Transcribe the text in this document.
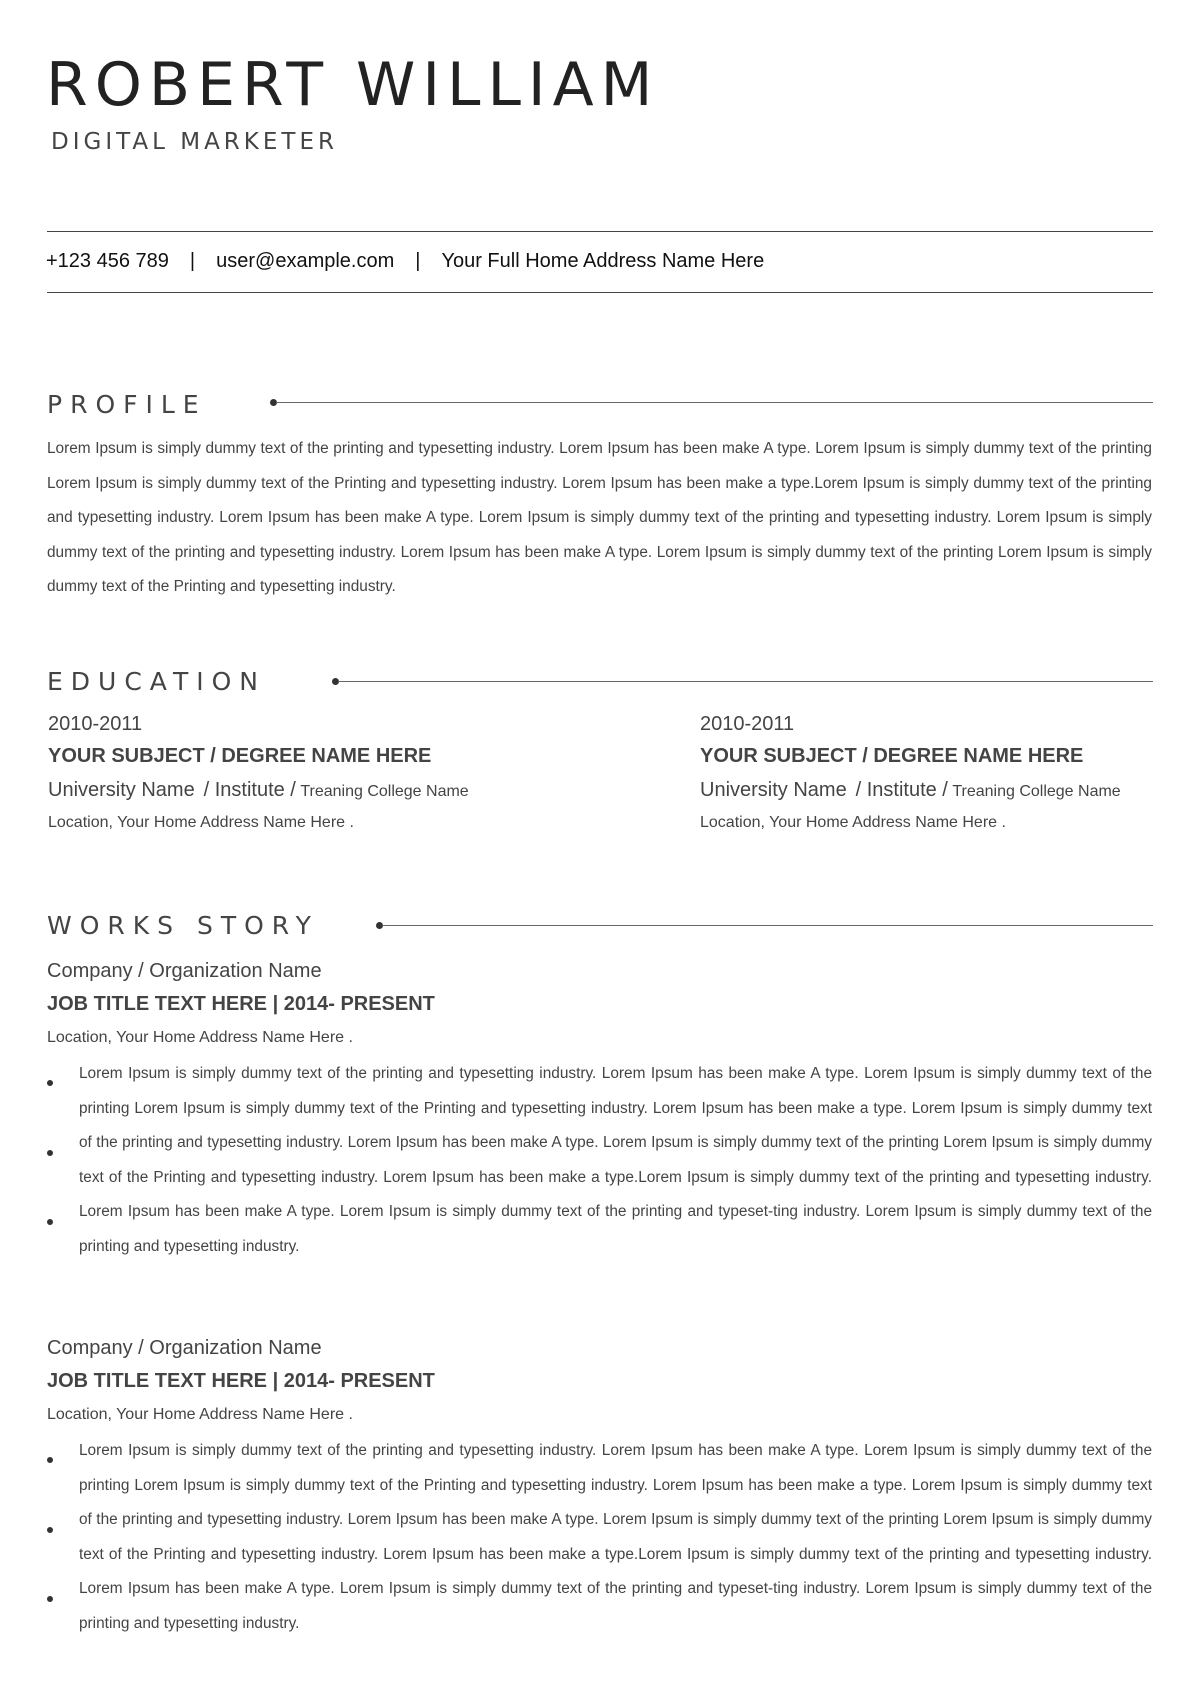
ROBERT WILLIAM
DIGITAL MARKETER
+123 456 789 | user@example.com | Your Full Home Address Name Here
PROFILE

Lorem Ipsum is simply dummy text of the printing and typesetting industry. Lorem Ipsum has been make A type. Lorem Ipsum is simply dummy text of the printing Lorem Ipsum is simply dummy text of the Printing and typesetting industry. Lorem Ipsum has been make a type.Lorem Ipsum is simply dummy text of the printing and typesetting industry. Lorem Ipsum has been make A type. Lorem Ipsum is simply dummy text of the printing and typesetting industry. Lorem Ipsum is simply dummy text of the printing and typesetting industry. Lorem Ipsum has been make A type. Lorem Ipsum is simply dummy text of the printing Lorem Ipsum is simply dummy text of the Printing and typesetting industry.

EDUCATION
2010-2011
YOUR SUBJECT / DEGREE NAME HERE
University Name / Institute / Treaning College Name
Location, Your Home Address Name Here .
2010-2011
YOUR SUBJECT / DEGREE NAME HERE
University Name / Institute / Treaning College Name
Location, Your Home Address Name Here .
WORKS STORY
Company / Organization Name
JOB TITLE TEXT HERE | 2014- PRESENT
Location, Your Home Address Name Here .

Lorem Ipsum is simply dummy text of the printing and typesetting industry. Lorem Ipsum has been make A type. Lorem Ipsum is simply dummy text of the printing Lorem Ipsum is simply dummy text of the Printing and typesetting industry. Lorem Ipsum has been make a type. Lorem Ipsum is simply dummy text of the printing and typesetting industry. Lorem Ipsum has been make A type. Lorem Ipsum is simply dummy text of the printing Lorem Ipsum is simply dummy text of the Printing and typesetting industry. Lorem Ipsum has been make a type.Lorem Ipsum is simply dummy text of the printing and typesetting industry. Lorem Ipsum has been make A type. Lorem Ipsum is simply dummy text of the printing and typeset-ting industry. Lorem Ipsum is simply dummy text of the printing and typesetting industry.

Company / Organization Name
JOB TITLE TEXT HERE | 2014- PRESENT
Location, Your Home Address Name Here .

Lorem Ipsum is simply dummy text of the printing and typesetting industry. Lorem Ipsum has been make A type. Lorem Ipsum is simply dummy text of the printing Lorem Ipsum is simply dummy text of the Printing and typesetting industry. Lorem Ipsum has been make a type. Lorem Ipsum is simply dummy text of the printing and typesetting industry. Lorem Ipsum has been make A type. Lorem Ipsum is simply dummy text of the printing Lorem Ipsum is simply dummy text of the Printing and typesetting industry. Lorem Ipsum has been make a type.Lorem Ipsum is simply dummy text of the printing and typesetting industry. Lorem Ipsum has been make A type. Lorem Ipsum is simply dummy text of the printing and typeset-ting industry. Lorem Ipsum is simply dummy text of the printing and typesetting industry.
